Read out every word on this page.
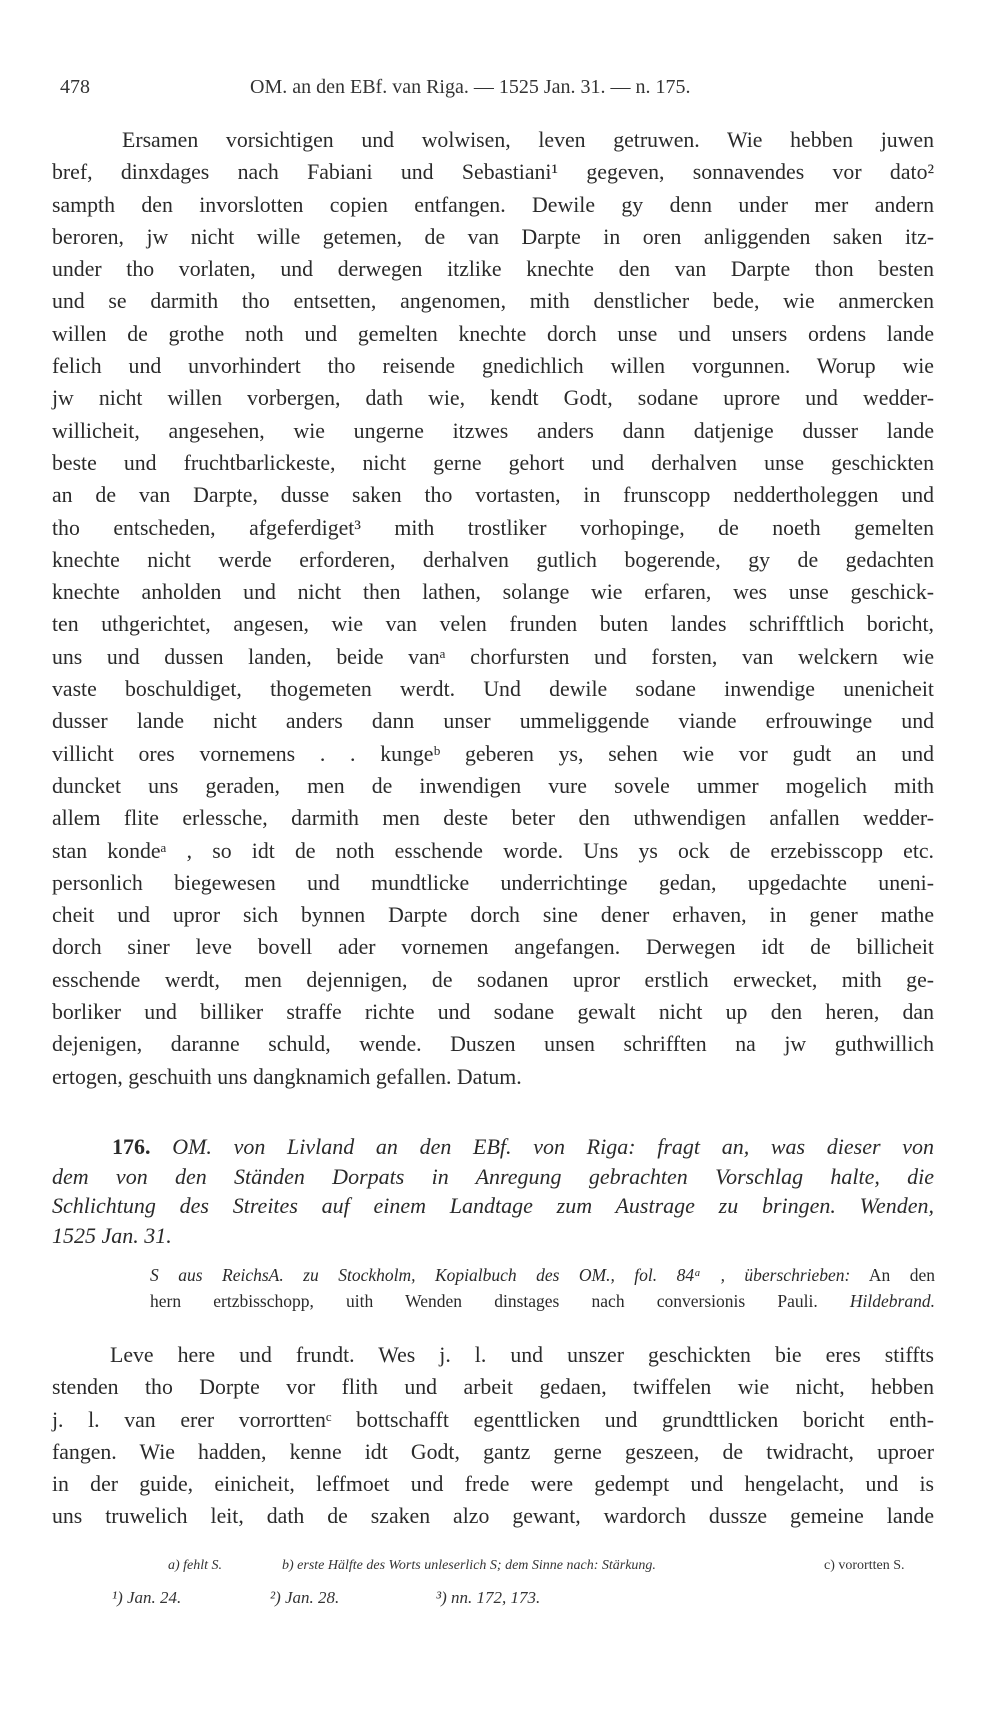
478	OM. an den EBf. van Riga. — 1525 Jan. 31. — n. 175.
Ersamen vorsichtigen und wolwisen, leven getruwen. Wie hebben juwen
bref, dinxdages nach Fabiani und Sebastiani¹ gegeven, sonnavendes vor dato²
sampth den invorslotten copien entfangen. Dewile gy denn under mer andern
beroren, jw nicht wille getemen, de van Darpte in oren anliggenden saken itz-
under tho vorlaten, und derwegen itzlike knechte den van Darpte thon besten
und se darmith tho entsetten, angenomen, mith denstlicher bede, wie anmercken
willen de grothe noth und gemelten knechte dorch unse und unsers ordens lande
felich und unvorhindert tho reisende gnedichlich willen vorgunnen. Worup wie
jw nicht willen vorbergen, dath wie, kendt Godt, sodane uprore und wedder-
willicheit, angesehen, wie ungerne itzwes anders dann datjenige dusser lande
beste und fruchtbarlickeste, nicht gerne gehort und derhalven unse geschickten
an de van Darpte, dusse saken tho vortasten, in frunscopp neddertholeggen und
tho entscheden, afgeferdiget³ mith trostliker vorhopinge, de noeth gemelten
knechte nicht werde erforderen, derhalven gutlich bogerende, gy de gedachten
knechte anholden und nicht then lathen, solange wie erfaren, wes unse geschick-
ten uthgerichtet, angesen, wie van velen frunden buten landes schrifftlich boricht,
uns und dussen landen, beide vanᵃ chorfursten und forsten, van welckern wie
vaste boschuldiget, thogemeten werdt. Und dewile sodane inwendige unenicheit
dusser lande nicht anders dann unser ummeliggende viande erfrouwinge und
villicht ores vornemens . . kungeᵇ geberen ys, sehen wie vor gudt an und
duncket uns geraden, men de inwendigen vure sovele ummer mogelich mith
allem flite erlessche, darmith men deste beter den uthwendigen anfallen wedder-
stan kondeᵃ , so idt de noth esschende worde. Uns ys ock de erzebisscopp etc.
personlich biegewesen und mundtlicke underrichtinge gedan, upgedachte uneni-
cheit und upror sich bynnen Darpte dorch sine dener erhaven, in gener mathe
dorch siner leve bovell ader vornemen angefangen. Derwegen idt de billicheit
esschende werdt, men dejennigen, de sodanen upror erstlich erwecket, mith ge-
borliker und billiker straffe richte und sodane gewalt nicht up den heren, dan
dejenigen, daranne schuld, wende. Duszen unsen schrifften na jw guthwillich
ertogen, geschuith uns dangknamich gefallen. Datum.
176. OM. von Livland an den EBf. von Riga: fragt an, was dieser von
dem von den Ständen Dorpats in Anregung gebrachten Vorschlag halte, die
Schlichtung des Streites auf einem Landtage zum Austrage zu bringen. Wenden,
1525 Jan. 31.
S aus ReichsA. zu Stockholm, Kopialbuch des OM., fol. 84ᵃ , überschrieben: An den
hern ertzbisschopp, uith Wenden dinstages nach conversionis Pauli. Hildebrand.
Leve here und frundt. Wes j. l. und unszer geschickten bie eres stiffts
stenden tho Dorpte vor flith und arbeit gedaen, twiffelen wie nicht, hebben
j. l. van erer vorrorttenᶜ bottschafft egenttlicken und grundttlicken boricht enth-
fangen. Wie hadden, kenne idt Godt, gantz gerne geszeen, de twidracht, uproer
in der guide, einicheit, leffmoet und frede were gedempt und hengelacht, und is
uns truwelich leit, dath de szaken alzo gewant, wardorch dussze gemeine lande
a) fehlt S.	b) erste Hälfte des Worts unleserlich S; dem Sinne nach: Stärkung.	c) vorortten S.
¹) Jan. 24.	²) Jan. 28.	³) nn. 172, 173.
